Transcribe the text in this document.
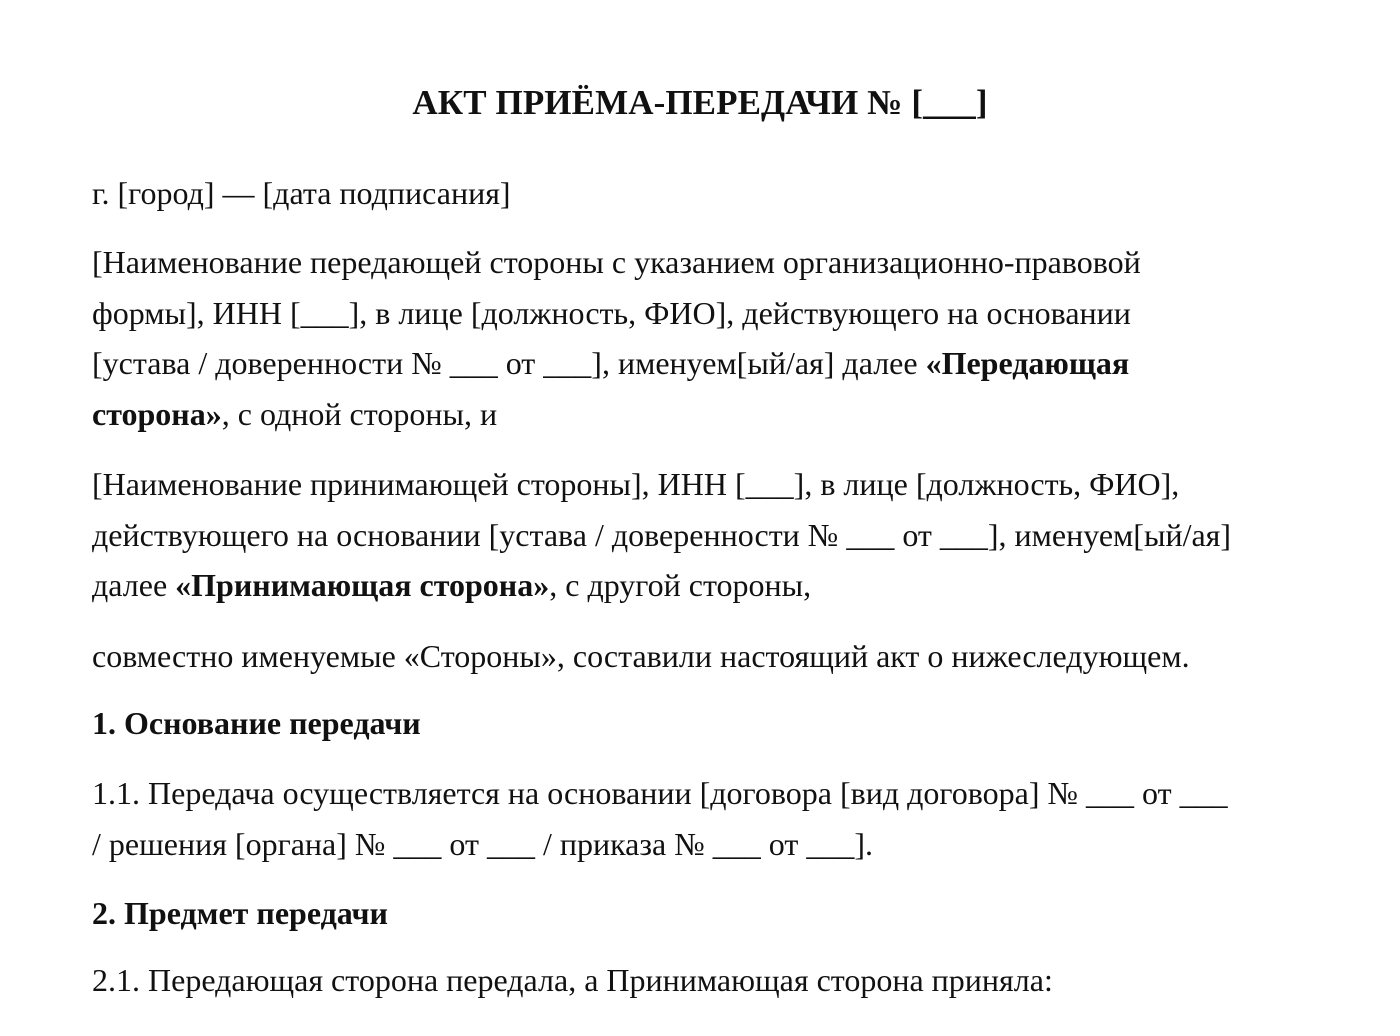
АКТ ПРИЁМА-ПЕРЕДАЧИ № [___]

г. [город] — [дата подписания]

[Наименование передающей стороны с указанием организационно-правовой
формы], ИНН [___], в лице [должность, ФИО], действующего на основании
[устава / доверенности № ___ от ___], именуем[ый/ая] далее «Передающая
сторона», с одной стороны, и
[Наименование принимающей стороны], ИНН [___], в лице [должность, ФИО],
действующего на основании [устава / доверенности № ___ от ___], именуем[ый/ая]
далее «Принимающая сторона», с другой стороны,

совместно именуемые «Стороны», составили настоящий акт о нижеследующем.

1. Основание передачи
1.1. Передача осуществляется на основании [договора [вид договора] № ___ от ___
/ решения [органа] № ___ от ___ / приказа № ___ от ___].
2. Предмет передачи

2.1. Передающая сторона передала, а Принимающая сторона приняла:
